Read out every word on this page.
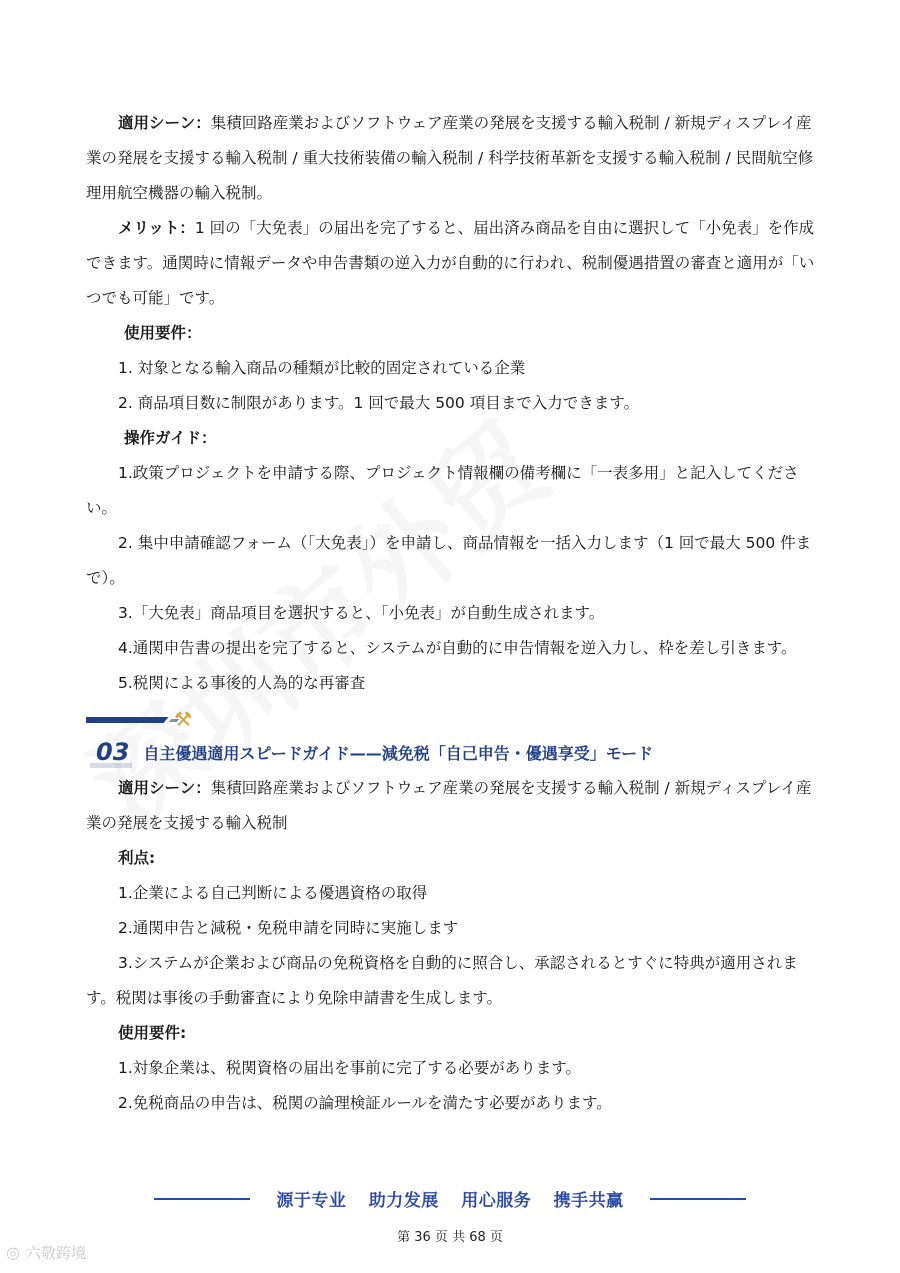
適用シーン：集積回路産業およびソフトウェア産業の発展を支援する輸入税制 / 新規ディスプレイ産業の発展を支援する輸入税制 / 重大技術装備の輸入税制 / 科学技術革新を支援する輸入税制 / 民間航空修理用航空機器の輸入税制。

メリット：1 回の「大免表」の届出を完了すると、届出済み商品を自由に選択して「小免表」を作成できます。通関時に情報データや申告書類の逆入力が自動的に行われ、税制優遇措置の審査と適用が「いつでも可能」です。

使用要件：

1. 対象となる輸入商品の種類が比較的固定されている企業

2. 商品項目数に制限があります。1 回で最大 500 項目まで入力できます。

操作ガイド：

1.政策プロジェクトを申請する際、プロジェクト情報欄の備考欄に「一表多用」と記入してください。

2. 集中申請確認フォーム（「大免表」）を申請し、商品情報を一括入力します（1 回で最大 500 件まで）。

3.「大免表」商品項目を選択すると、「小免表」が自動生成されます。

4.通関申告書の提出を完了すると、システムが自動的に申告情報を逆入力し、枠を差し引きます。

5.税関による事後的人為的な再審査

⚒
03 自主優遇適用スピードガイド——減免税「自己申告・優遇享受」モード

適用シーン：集積回路産業およびソフトウェア産業の発展を支援する輸入税制 / 新規ディスプレイ産業の発展を支援する輸入税制

利点:

1.企業による自己判断による優遇資格の取得

2.通関申告と減税・免税申請を同時に実施します

3.システムが企業および商品の免税資格を自動的に照合し、承認されるとすぐに特典が適用されます。税関は事後の手動審査により免除申請書を生成します。

使用要件:

1.対象企業は、税関資格の届出を事前に完了する必要があります。

2.免税商品の申告は、税関の論理検証ルールを満たす必要があります。

源于专业 助力发展 用心服务 携手共赢
第 36 页 共 68 页
◎ 六敬跨境
